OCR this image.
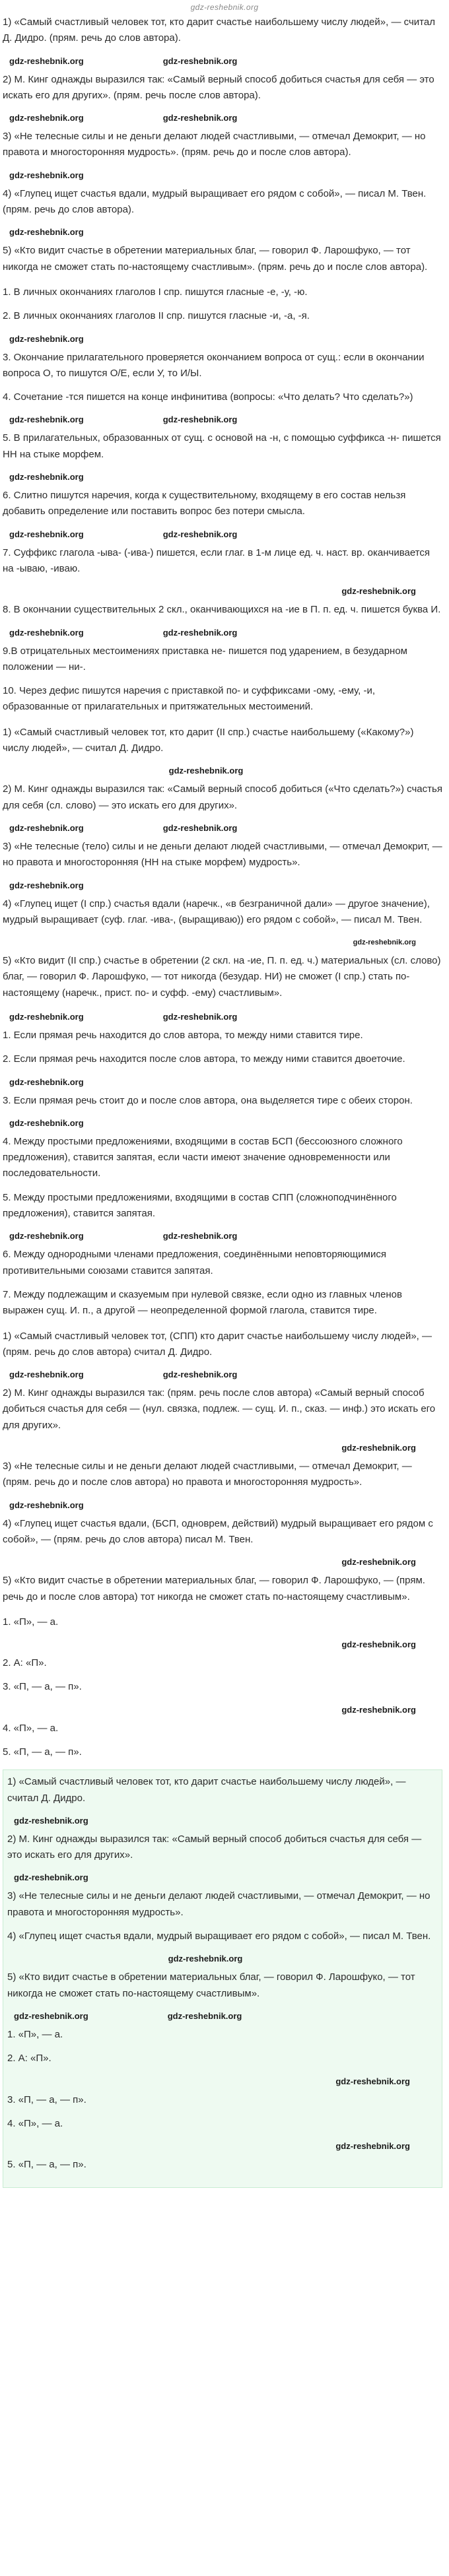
gdz-reshebnik.org

1) «Самый счастливый человек тот, кто дарит счастье наибольшему числу людей», — считал Д. Дидро. (прям. речь до слов автора).

gdz-reshebnik.org	gdz-reshebnik.org

2) М. Кинг однажды выразился так: «Самый верный способ добиться счастья для себя — это искать его для других». (прям. речь после слов автора).

gdz-reshebnik.org	gdz-reshebnik.org

3) «Не телесные силы и не деньги делают людей счастливыми, — отмечал Демокрит, — но правота и многосторонняя мудрость». (прям. речь до и после слов автора).

gdz-reshebnik.org

4) «Глупец ищет счастья вдали, мудрый выращивает его рядом с собой», — писал М. Твен. (прям. речь до слов автора).

gdz-reshebnik.org

5) «Кто видит счастье в обретении материальных благ, — говорил Ф. Ларошфуко, — тот никогда не сможет стать по-настоящему счастливым». (прям. речь до и после слов автора).

1. В личных окончаниях глаголов I спр. пишутся гласные -е, -у, -ю.

2. В личных окончаниях глаголов II спр. пишутся гласные -и, -а, -я.

gdz-reshebnik.org

3. Окончание прилагательного проверяется окончанием вопроса от сущ.: если в окончании вопроса О, то пишутся О/Е, если У, то И/Ы.

4. Сочетание -тся пишется на конце инфинитива (вопросы: «Что делать? Что сделать?»)

gdz-reshebnik.org	gdz-reshebnik.org

5. В прилагательных, образованных от сущ. с основой на -н, с помощью суффикса -н- пишется НН на стыке морфем.

gdz-reshebnik.org

6. Слитно пишутся наречия, когда к существительному, входящему в его состав нельзя добавить определение или поставить вопрос без потери смысла.

gdz-reshebnik.org	gdz-reshebnik.org

7. Суффикс глагола -ыва- (-ива-) пишется, если глаг. в 1-м лице ед. ч. наст. вр. оканчивается на -ываю, -иваю.

gdz-reshebnik.org

8. В окончании существительных 2 скл., оканчивающихся на -ие в П. п. ед. ч. пишется буква И.

gdz-reshebnik.org	gdz-reshebnik.org

9.В отрицательных местоимениях приставка не- пишется под ударением, в безударном положении — ни-.

10. Через дефис пишутся наречия с приставкой по- и суффиксами -ому, -ему, -и, образованные от прилагательных и притяжательных местоимений.

1) «Самый счастливый человек тот, кто дарит (II спр.) счастье наибольшему («Какому?») числу людей», — считал Д. Дидро.

gdz-reshebnik.org

2) М. Кинг однажды выразился так: «Самый верный способ добиться («Что сделать?») счастья для себя (сл. слово) — это искать его для других».

gdz-reshebnik.org	gdz-reshebnik.org

3) «Не телесные (тело) силы и не деньги делают людей счастливыми, — отмечал Демокрит, — но правота и многосторонняя (НН на стыке морфем) мудрость».

gdz-reshebnik.org

4) «Глупец ищет (I спр.) счастья вдали (наречк., «в безграничной дали» — другое значение), мудрый выращивает (суф. глаг. -ива-, (выращиваю)) его рядом с собой», — писал М. Твен.

gdz-reshebnik.org

5) «Кто видит (II спр.) счастье в обретении (2 скл. на -ие, П. п. ед. ч.) материальных (сл. слово) благ, — говорил Ф. Ларошфуко, — тот никогда (безудар. НИ) не сможет (I спр.) стать по-настоящему (наречк., прист. по- и суфф. -ему) счастливым».

gdz-reshebnik.org	gdz-reshebnik.org

1. Если прямая речь находится до слов автора, то между ними ставится тире.

2. Если прямая речь находится после слов автора, то между ними ставится двоеточие.

gdz-reshebnik.org

3. Если прямая речь стоит до и после слов автора, она выделяется тире с обеих сторон.

gdz-reshebnik.org

4. Между простыми предложениями, входящими в состав БСП (бессоюзного сложного предложения), ставится запятая, если части имеют значение одновременности или последовательности.

5. Между простыми предложениями, входящими в состав СПП (сложноподчинённого предложения), ставится запятая.

gdz-reshebnik.org	gdz-reshebnik.org

6. Между однородными членами предложения, соединёнными неповторяющимися противительными союзами ставится запятая.

7. Между подлежащим и сказуемым при нулевой связке, если одно из главных членов выражен сущ. И. п., а другой — неопределенной формой глагола, ставится тире.

1) «Самый счастливый человек тот, (СПП) кто дарит счастье наибольшему числу людей», — (прям. речь до слов автора) считал Д. Дидро.

gdz-reshebnik.org	gdz-reshebnik.org

2) М. Кинг однажды выразился так: (прям. речь после слов автора) «Самый верный способ добиться счастья для себя — (нул. связка, подлеж. — сущ. И. п., сказ. — инф.) это искать его для других».

gdz-reshebnik.org

3) «Не телесные силы и не деньги делают людей счастливыми, — отмечал Демокрит, — (прям. речь до и после слов автора) но правота и многосторонняя мудрость».

gdz-reshebnik.org

4) «Глупец ищет счастья вдали, (БСП, одноврем, действий) мудрый выращивает его рядом с собой», — (прям. речь до слов автора) писал М. Твен.

gdz-reshebnik.org

5) «Кто видит счастье в обретении материальных благ, — говорил Ф. Ларошфуко, — (прям. речь до и после слов автора) тот никогда не сможет стать по-настоящему счастливым».

1. «П», — а.

gdz-reshebnik.org

2. А: «П».

3. «П, — а, — п».

gdz-reshebnik.org

4. «П», — а.

5. «П, — а, — п».

1) «Самый счастливый человек тот, кто дарит счастье наибольшему числу людей», — считал Д. Дидро.

gdz-reshebnik.org

2) М. Кинг однажды выразился так: «Самый верный способ добиться счастья для себя — это искать его для других».

gdz-reshebnik.org

3) «Не телесные силы и не деньги делают людей счастливыми, — отмечал Демокрит, — но правота и многосторонняя мудрость».

4) «Глупец ищет счастья вдали, мудрый выращивает его рядом с собой», — писал М. Твен.

gdz-reshebnik.org

5) «Кто видит счастье в обретении материальных благ, — говорил Ф. Ларошфуко, — тот никогда не сможет стать по-настоящему счастливым».

gdz-reshebnik.org	gdz-reshebnik.org

1. «П», — а.

2. А: «П».

gdz-reshebnik.org

3. «П, — а, — п».

4. «П», — а.

gdz-reshebnik.org

5. «П, — а, — п».
